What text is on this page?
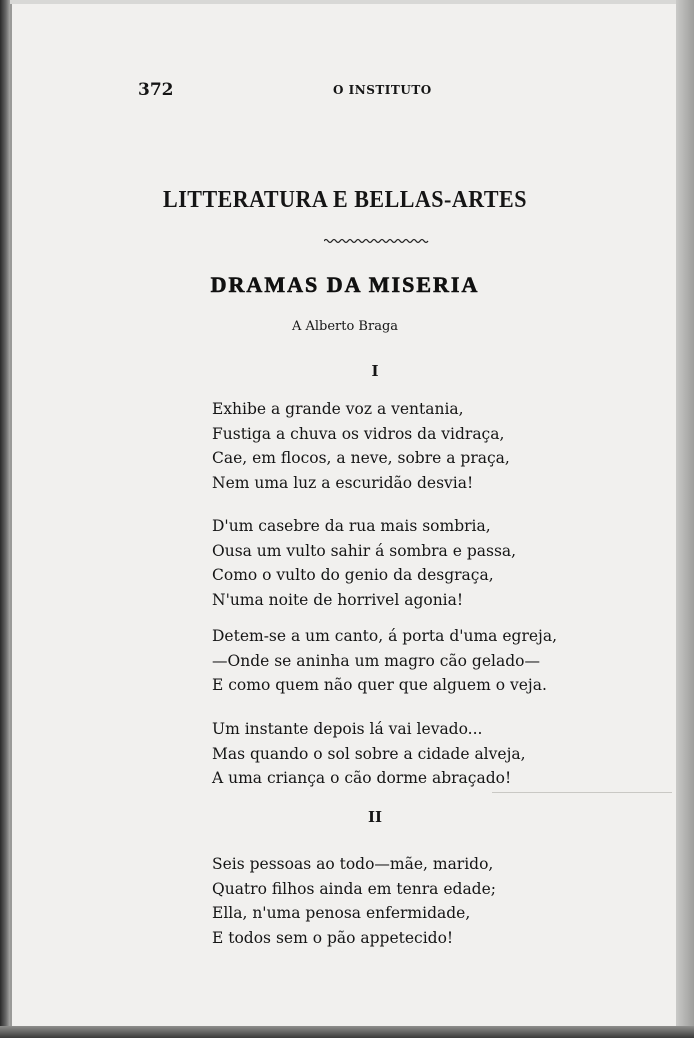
372	O INSTITUTO
LITTERATURA E BELLAS-ARTES
DRAMAS DA MISERIA
A Alberto Braga
I
Exhibe a grande voz a ventania,
Fustiga a chuva os vidros da vidraça,
Cae, em flocos, a neve, sobre a praça,
Nem uma luz a escuridão desvia!
D'um casebre da rua mais sombria,
Ousa um vulto sahir á sombra e passa,
Como o vulto do genio da desgraça,
N'uma noite de horrivel agonia!
Detem-se a um canto, á porta d'uma egreja,
—Onde se aninha um magro cão gelado—
E como quem não quer que alguem o veja.
Um instante depois lá vai levado...
Mas quando o sol sobre a cidade alveja,
A uma criança o cão dorme abraçado!
II
Seis pessoas ao todo—mãe, marido,
Quatro filhos ainda em tenra edade;
Ella, n'uma penosa enfermidade,
E todos sem o pão appetecido!
